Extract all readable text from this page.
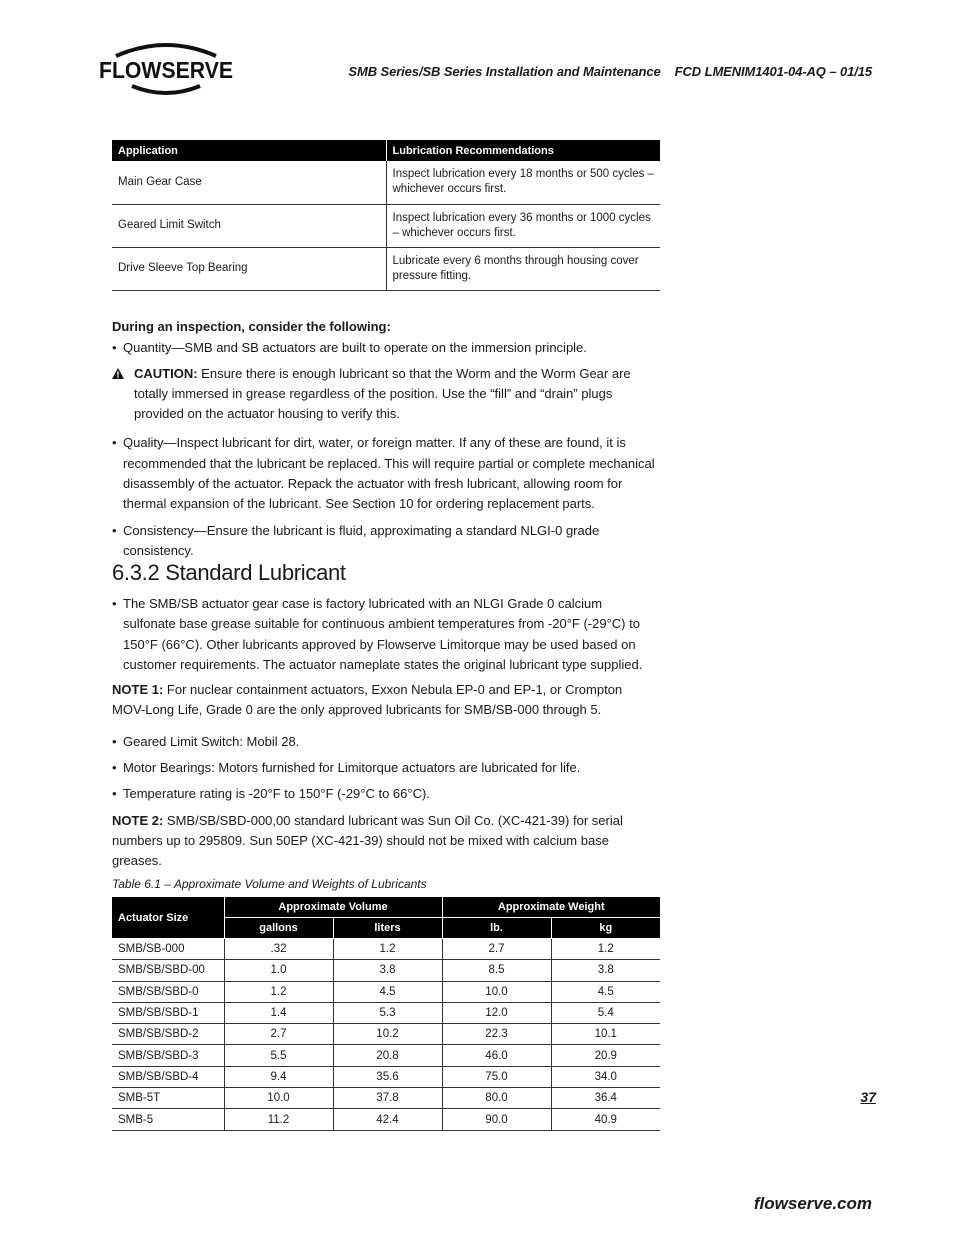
FLOWSERVE	SMB Series/SB Series Installation and Maintenance FCD LMENIM1401-04-AQ – 01/15
Application	Lubrication Recommendations
Main Gear Case	Inspect lubrication every 18 months or 500 cycles – whichever occurs first.
Geared Limit Switch	Inspect lubrication every 36 months or 1000 cycles – whichever occurs first.
Drive Sleeve Top Bearing	Lubricate every 6 months through housing cover pressure fitting.
During an inspection, consider the following:
• Quantity—SMB and SB actuators are built to operate on the immersion principle.
CAUTION: Ensure there is enough lubricant so that the Worm and the Worm Gear are totally immersed in grease regardless of the position. Use the “fill” and “drain” plugs provided on the actuator housing to verify this.
• Quality—Inspect lubricant for dirt, water, or foreign matter. If any of these are found, it is recommended that the lubricant be replaced. This will require partial or complete mechanical disassembly of the actuator. Repack the actuator with fresh lubricant, allowing room for thermal expansion of the lubricant. See Section 10 for ordering replacement parts.
• Consistency—Ensure the lubricant is fluid, approximating a standard NLGI-0 grade consistency.
6.3.2 Standard Lubricant
• The SMB/SB actuator gear case is factory lubricated with an NLGI Grade 0 calcium sulfonate base grease suitable for continuous ambient temperatures from -20°F (-29°C) to 150°F (66°C). Other lubricants approved by Flowserve Limitorque may be used based on customer requirements. The actuator nameplate states the original lubricant type supplied.
NOTE 1: For nuclear containment actuators, Exxon Nebula EP-0 and EP-1, or Crompton MOV-Long Life, Grade 0 are the only approved lubricants for SMB/SB-000 through 5.
• Geared Limit Switch: Mobil 28.
• Motor Bearings: Motors furnished for Limitorque actuators are lubricated for life.
• Temperature rating is -20°F to 150°F (-29°C to 66°C).
NOTE 2: SMB/SB/SBD-000,00 standard lubricant was Sun Oil Co. (XC-421-39) for serial numbers up to 295809. Sun 50EP (XC-421-39) should not be mixed with calcium base greases.
Table 6.1 – Approximate Volume and Weights of Lubricants
Actuator Size	Approximate Volume		Approximate Weight	
	gallons	liters	lb.	kg
SMB/SB-000	.32	1.2	2.7	1.2
SMB/SB/SBD-00	1.0	3.8	8.5	3.8
SMB/SB/SBD-0	1.2	4.5	10.0	4.5
SMB/SB/SBD-1	1.4	5.3	12.0	5.4
SMB/SB/SBD-2	2.7	10.2	22.3	10.1
SMB/SB/SBD-3	5.5	20.8	46.0	20.9
SMB/SB/SBD-4	9.4	35.6	75.0	34.0
SMB-5T	10.0	37.8	80.0	36.4
SMB-5	11.2	42.4	90.0	40.9
37
flowserve.com
